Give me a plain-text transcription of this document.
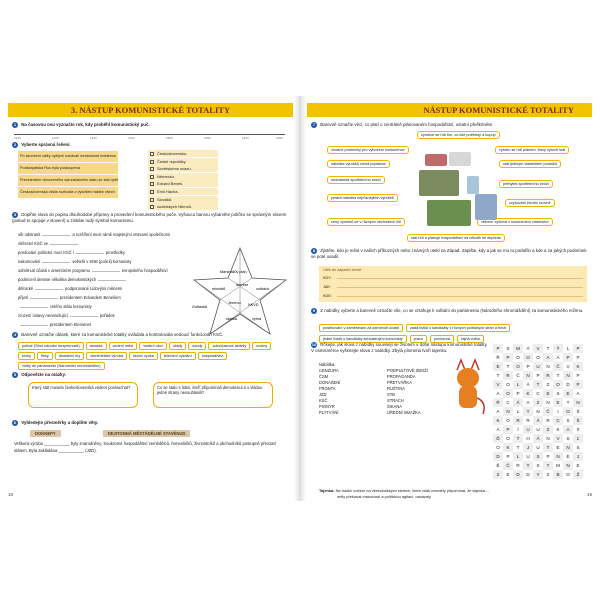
3. NÁSTUP KOMUNISTICKÉ TOTALITY
1 Na časovou osu vyznačte rok, kdy proběhl komunistický puč.
1910	1920	1930	1940	1950	1960	1970	1980
2 Vyberte správná řešení.
Po skončení války opějení uznávali nezávislost existence
Podkarpatská Rus byla postoupena
Prezidentem obnoveného samostatného státu se stal opět
Československá vláda rozhodla o vysídlení taktéž všech
Československo.
České republiky.
Sovětskému svazu.
Německu.
Edvard Beneš.
Emil Hácha.
Slováků.
sudetských Němců.
3 Doplňte slova do popisu dlouhodobé přípravy a provedení komunistického puče. Vyšoucu barvou vybarvěte políčko se správným slovem (pokud to spojuje v slovení) a získáte rudý symbol komunismu.
síb odstranit	a rozšíření mezi rámě majetnými vrstvami společnosti
vítězství KSČ ve
posilování politické moci KSČ i	prostředky
nakumování	velitelů v SNB (policii) komunisty
odmítnutí účasti v americkém programu	evropského hospodářství
podnícení demise několika demokratických
dělnické	podporované Lidovými milicemi
přijetí	prezidentem Edvardem Benešem
celého státu komunisty
zrození ústavy nenarušující	pořádek
prezidentem Klemenet
Marshallův plán
demise
ministrů	volbách
Gottwald
Jeremu NKVD
stávka	výhra
4 Barevně označte oblasti, které za komunistické totality ovládala a kontrolovala vedoucí funkcionáři KSČ.
policie (Sbor národní bezpečnosti)	armáda	vedení měst	vedení obcí	úřady	soudy	volnočasové aktivity	noviny
knihy	filmy	divadelní hry	zemědělské výroba	školní výuka	televizní vysílání	hospodářství
volby do parlamentu (Národního shromáždění)
5 Odpovězte na otázky.
Který stát musela československá vedení poslouchat?	Co se stalo s lidmi, kteří připomínali demokracii a s vládou jedné strany nesouhlasili?
6 Vyhledejte přesměrky a doplňte věty.
DOKNEPY	DEJITONNÁ MĚSTÁDĚLNÉ STAVĚNUD
Veškerá výroba ___________ byly znárodněny. Soukromé hospodářství zemědělců, řemeslníků, živnostníků a obchodníků postupně převzatí státem. Byla zakládána ___________ (JZD).
18
NÁSTUP KOMUNISTICKÉ TOTALITY
7 Barevně označte věci, co platí o centrálně plánovaném hospodářství, ostatní přeškrtněte.
výrobce se řídí tím, co lidé potřebují a kupují
vhodné podmínky pro vytvoření konkurence	výrobu se řídí plánem, který vytvoří stát
nabídka výrobků víená poptávce	stát jediným vlastníkem podniků
nedostatek spotřebního zboží
přebytek spotřebního zboží
pestrá nabídka nejrůznějších výrobků
zvyšování životní úrovně
ceny výrobků se v různých obchodech liší	větvení vyšlová v soukromém vlastnictví
stát řídí a plánuje hospodářství na několik let dopředu
8 Zjistěte, kdo je měst v našich příbuzných nebo známých utekl na Západ. Zapište, kdy a jak se mu to podařilo a kde a za jakých podmínek se poté usadil.
Útěk do západní země
KDY:
JAK:
KDE:
9 Z nabídky vyberte a barevně označte vše, co se vztahuje k volbám do parlamentu (Národního shromáždění) za komunistického režimu.
postihování v zaměstnání za odmítnutí účasti	zadá lístků s kandidáty z různých politických stran a hnutí
jeden lístek s kandidáty schválenými komunisty	právo	povinnost	tajná volba
10 Rčkejte, jak slova z nabídky souvisejí se životem v době nástupu komunistické totality. V osmisměrce vyškrtejte slova z nabídky. Zbylá písmena tvoří tajenku.
Nabídka:
CENZURA
ČSM
DONAŠENÍ
FRONTA
JZD
KSČ
PIONÝR
PLYTVÁNÍ
PODPULTOVÉ ZBOŽÍ
PROPAGANDA
PŘETVÁŘKA
RUŠTINA
STB
STRACH
ŠIKANA
ÚŘEDNÍ SMAŽKA
P	S	M	Á	V	T	Ý	L	P
Ř	P	O	O	O	A	Á	P	P
E	T	O	P	U	N	Č	V	K
T	R	Č	N	P	R	T	N	P
V	O	L	Á	T	Z	O	D	P
A	O	P	K	C	E	S	E	A
Ř	C	Á	A	Z	N	E	T	N
A	N	L	T	N	Č	I	O	Š
K	O	R	R	Á	R	C	S	Š
Á	P	Í	U	U	Z	K	A	0
Ď	O	T	H	Á	N	V	S	Ľ
O	K	T	J	U	T	E	N	S
D	P	L	U	S	P	N	E	J
Ě	Č	R	T	S	T	M	N	E
Z	E	D	D	Y	Z	B	O	Ž
Tajenka: Na tradici cvičení na všesokolských sletech, které však nesměly připomínat, že tajenka ...
měly překonat masovostí a politickou agitací, navázaly	19
